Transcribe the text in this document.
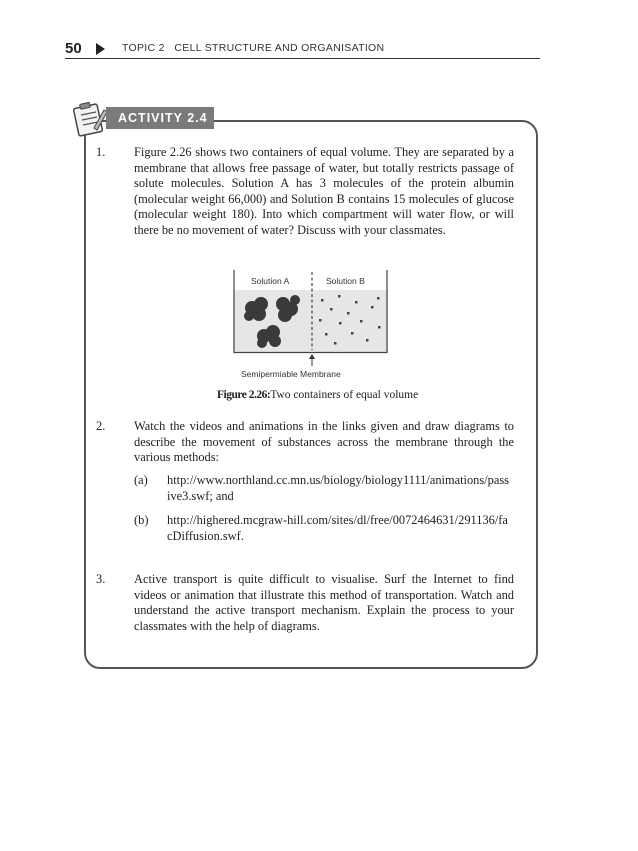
50	TOPIC 2   CELL STRUCTURE AND ORGANISATION
ACTIVITY 2.4
1. Figure 2.26 shows two containers of equal volume. They are separated by a membrane that allows free passage of water, but totally restricts passage of solute molecules. Solution A has 3 molecules of the protein albumin (molecular weight 66,000) and Solution B contains 15 molecules of glucose (molecular weight 180). Into which compartment will water flow, or will there be no movement of water? Discuss with your classmates.
Solution A	Solution B
Semipermiable Membrane
Figure 2.26:Two containers of equal volume
2. Watch the videos and animations in the links given and draw diagrams to describe the movement of substances across the membrane through the various methods:
(a) http://www.northland.cc.mn.us/biology/biology1111/animations/passive3.swf; and
(b) http://highered.mcgraw-hill.com/sites/dl/free/0072464631/291136/facDiffusion.swf.
3. Active transport is quite difficult to visualise. Surf the Internet to find videos or animation that illustrate this method of transportation. Watch and understand the active transport mechanism. Explain the process to your classmates with the help of diagrams.
